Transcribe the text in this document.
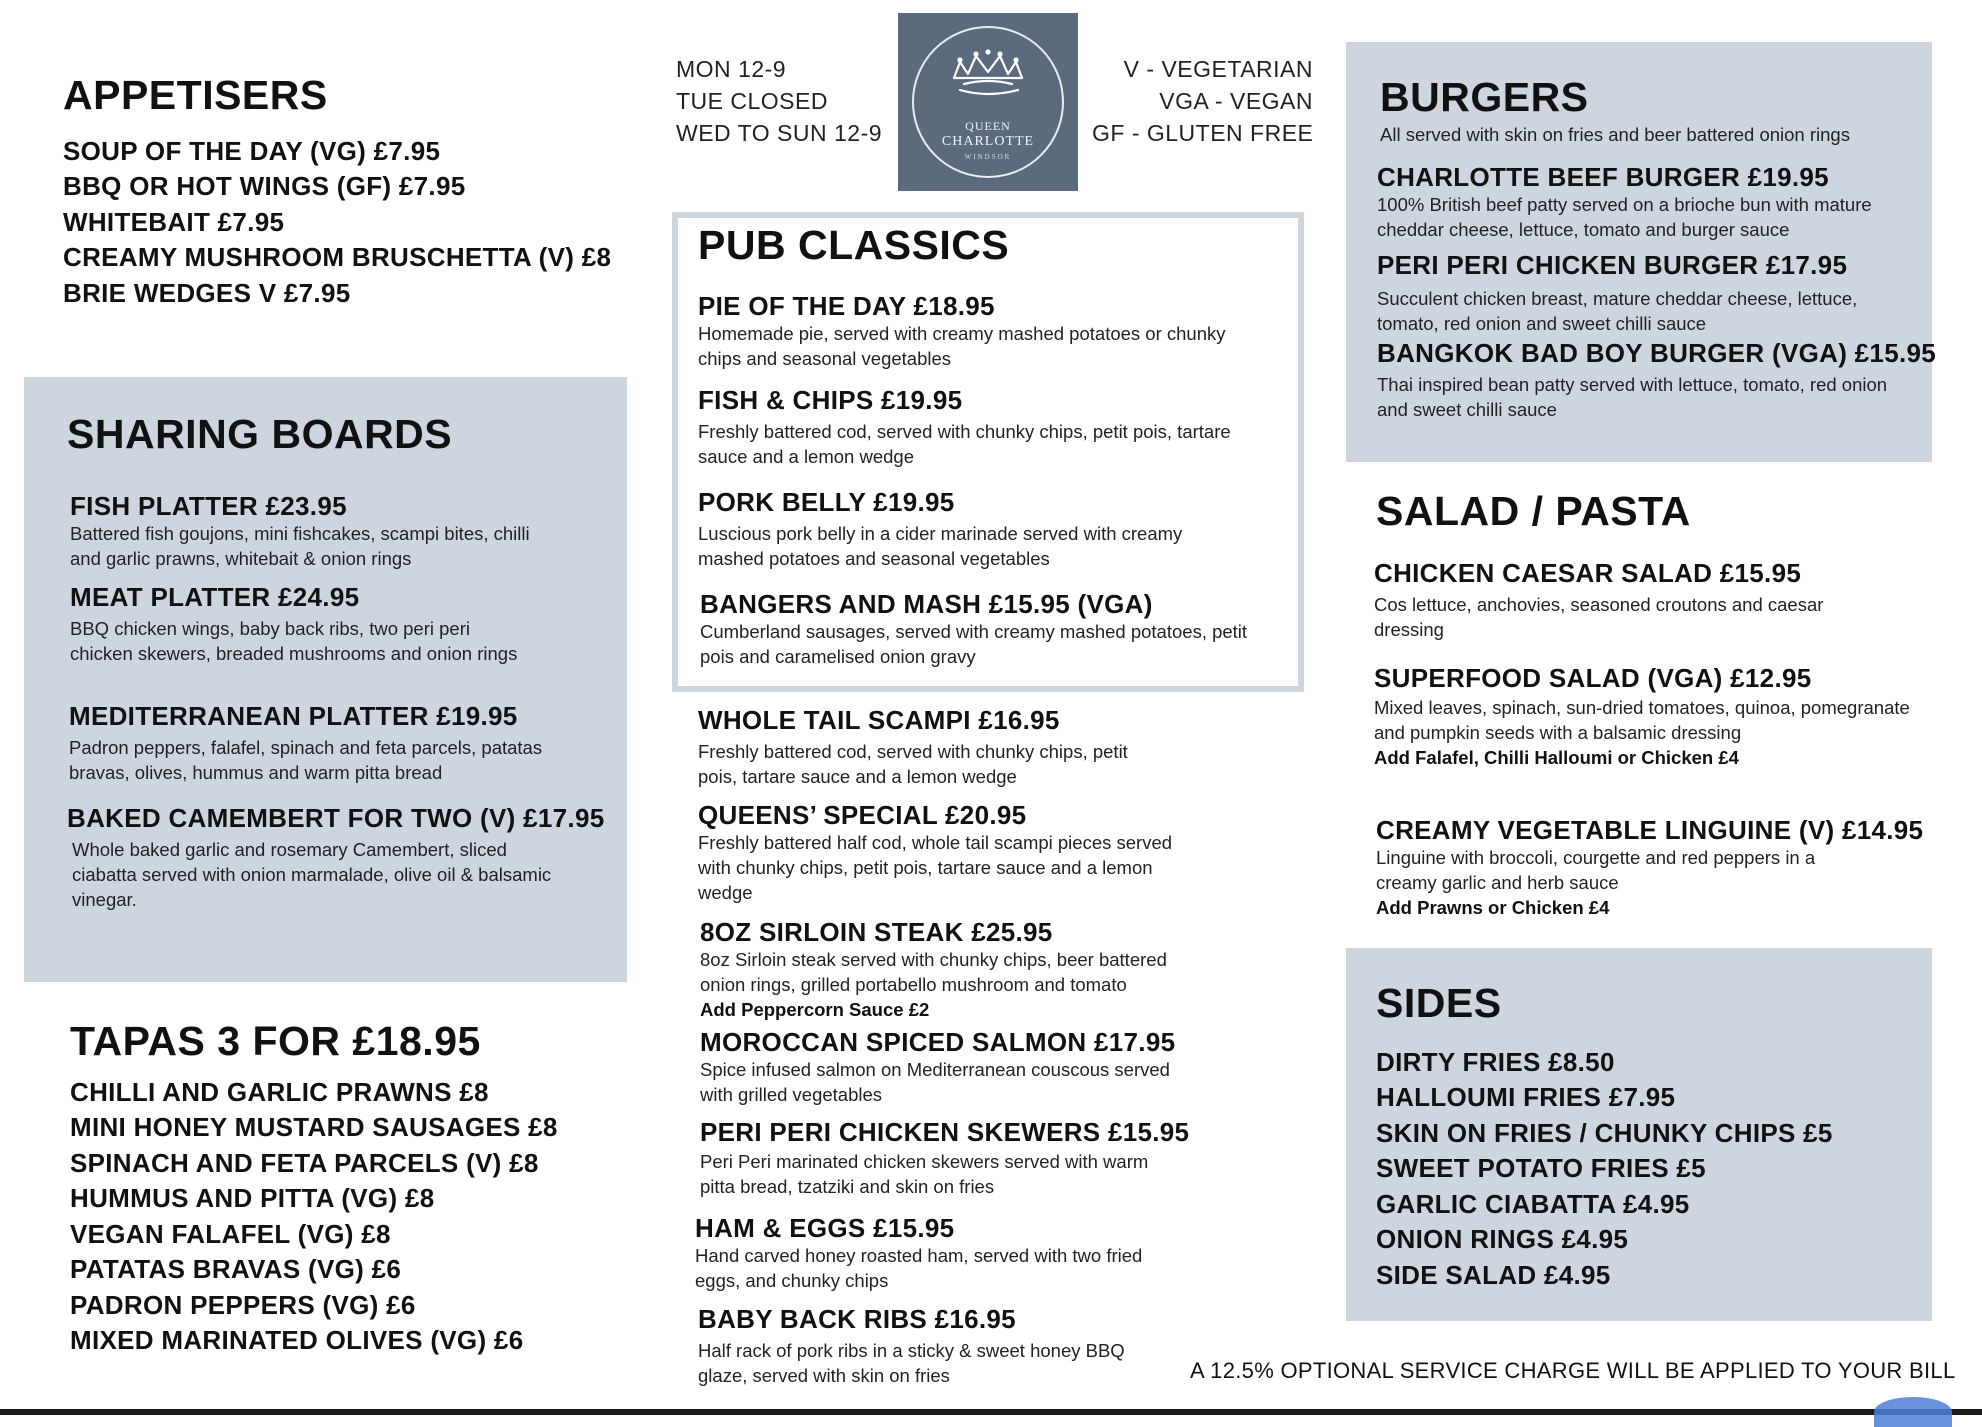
MON 12-9
TUE CLOSED
WED TO SUN 12-9	QUEEN
CHARLOTTE
WINDSOR
V - VEGETARIAN
VGA - VEGAN
GF - GLUTEN FREE
APPETISERS
SOUP OF THE DAY (VG) £7.95
BBQ OR HOT WINGS (GF) £7.95
WHITEBAIT £7.95
CREAMY MUSHROOM BRUSCHETTA (V) £8
BRIE WEDGES V £7.95
SHARING BOARDS
FISH PLATTER £23.95
Battered fish goujons, mini fishcakes, scampi bites, chilli and garlic prawns, whitebait & onion rings
MEAT PLATTER £24.95
BBQ chicken wings, baby back ribs, two peri peri chicken skewers, breaded mushrooms and onion rings
MEDITERRANEAN PLATTER £19.95
Padron peppers, falafel, spinach and feta parcels, patatas bravas, olives, hummus and warm pitta bread
BAKED CAMEMBERT FOR TWO (V) £17.95
Whole baked garlic and rosemary Camembert, sliced ciabatta served with onion marmalade, olive oil & balsamic vinegar.
TAPAS 3 FOR £18.95
CHILLI AND GARLIC PRAWNS £8
MINI HONEY MUSTARD SAUSAGES £8
SPINACH AND FETA PARCELS (V) £8
HUMMUS AND PITTA (VG) £8
VEGAN FALAFEL (VG) £8
PATATAS BRAVAS (VG) £6
PADRON PEPPERS (VG) £6
MIXED MARINATED OLIVES (VG) £6
PUB CLASSICS
PIE OF THE DAY £18.95
Homemade pie, served with creamy mashed potatoes or chunky chips and seasonal vegetables
FISH & CHIPS £19.95
Freshly battered cod, served with chunky chips, petit pois, tartare sauce and a lemon wedge
PORK BELLY £19.95
Luscious pork belly in a cider marinade served with creamy mashed potatoes and seasonal vegetables
BANGERS AND MASH £15.95 (VGA)
Cumberland sausages, served with creamy mashed potatoes, petit pois and caramelised onion gravy
WHOLE TAIL SCAMPI £16.95
Freshly battered cod, served with chunky chips, petit pois, tartare sauce and a lemon wedge
QUEENS’ SPECIAL £20.95
Freshly battered half cod, whole tail scampi pieces served with chunky chips, petit pois, tartare sauce and a lemon wedge
8OZ SIRLOIN STEAK £25.95
8oz Sirloin steak served with chunky chips, beer battered onion rings, grilled portabello mushroom and tomato
Add Peppercorn Sauce £2
MOROCCAN SPICED SALMON £17.95
Spice infused salmon on Mediterranean couscous served with grilled vegetables
PERI PERI CHICKEN SKEWERS £15.95
Peri Peri marinated chicken skewers served with warm pitta bread, tzatziki and skin on fries
HAM & EGGS £15.95
Hand carved honey roasted ham, served with two fried eggs, and chunky chips
BABY BACK RIBS £16.95
Half rack of pork ribs in a sticky & sweet honey BBQ glaze, served with skin on fries
BURGERS
All served with skin on fries and beer battered onion rings
CHARLOTTE BEEF BURGER £19.95
100% British beef patty served on a brioche bun with mature cheddar cheese, lettuce, tomato and burger sauce
PERI PERI CHICKEN BURGER £17.95
Succulent chicken breast, mature cheddar cheese, lettuce, tomato, red onion and sweet chilli sauce
BANGKOK BAD BOY BURGER (VGA) £15.95
Thai inspired bean patty served with lettuce, tomato, red onion and sweet chilli sauce
SALAD / PASTA
CHICKEN CAESAR SALAD £15.95
Cos lettuce, anchovies, seasoned croutons and caesar dressing
SUPERFOOD SALAD (VGA) £12.95
Mixed leaves, spinach, sun-dried tomatoes, quinoa, pomegranate and pumpkin seeds with a balsamic dressing
Add Falafel, Chilli Halloumi or Chicken £4
CREAMY VEGETABLE LINGUINE (V) £14.95
Linguine with broccoli, courgette and red peppers in a creamy garlic and herb sauce
Add Prawns or Chicken £4
SIDES
DIRTY FRIES £8.50
HALLOUMI FRIES £7.95
SKIN ON FRIES / CHUNKY CHIPS £5
SWEET POTATO FRIES £5
GARLIC CIABATTA £4.95
ONION RINGS £4.95
SIDE SALAD £4.95
A 12.5% OPTIONAL SERVICE CHARGE WILL BE APPLIED TO YOUR BILL
